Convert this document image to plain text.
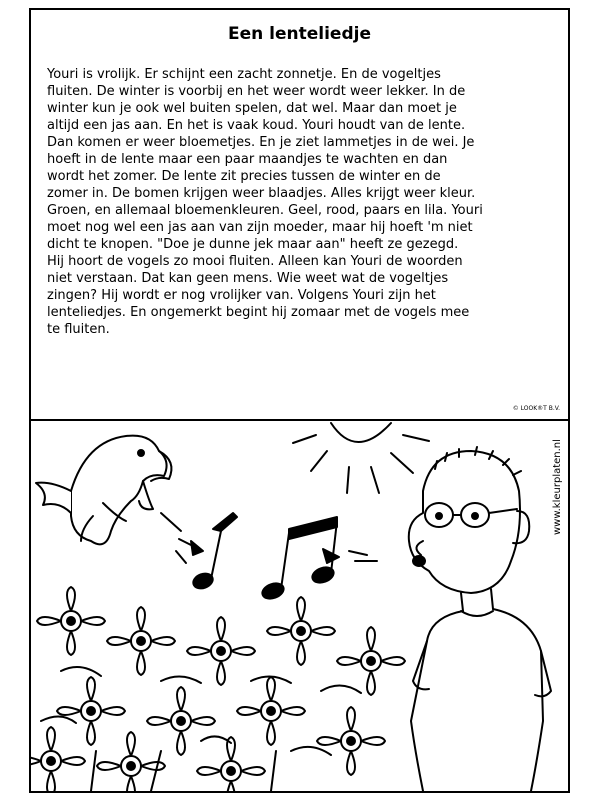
Een lenteliedje
Youri is vrolijk. Er schijnt een zacht zonnetje. En de vogeltjes
fluiten. De winter is voorbij en het weer wordt weer lekker. In de
winter kun je ook wel buiten spelen, dat wel. Maar dan moet je
altijd een jas aan. En het is vaak koud. Youri houdt van de lente.
Dan komen er weer bloemetjes. En je ziet lammetjes in de wei. Je
hoeft in de lente maar een paar maandjes te wachten en dan
wordt het zomer. De lente zit precies tussen de winter en de
zomer in. De bomen krijgen weer blaadjes. Alles krijgt weer kleur.
Groen, en allemaal bloemenkleuren. Geel, rood, paars en lila. Youri
moet nog wel een jas aan van zijn moeder, maar hij hoeft 'm niet
dicht te knopen. "Doe je dunne jek maar aan" heeft ze gezegd.
Hij hoort de vogels zo mooi fluiten. Alleen kan Youri de woorden
niet verstaan. Dat kan geen mens. Wie weet wat de vogeltjes
zingen? Hij wordt er nog vrolijker van. Volgens Youri zijn het
lenteliedjes. En ongemerkt begint hij zomaar met de vogels mee
te fluiten.
© LOOK®T B.V.
www.kleurplaten.nl
